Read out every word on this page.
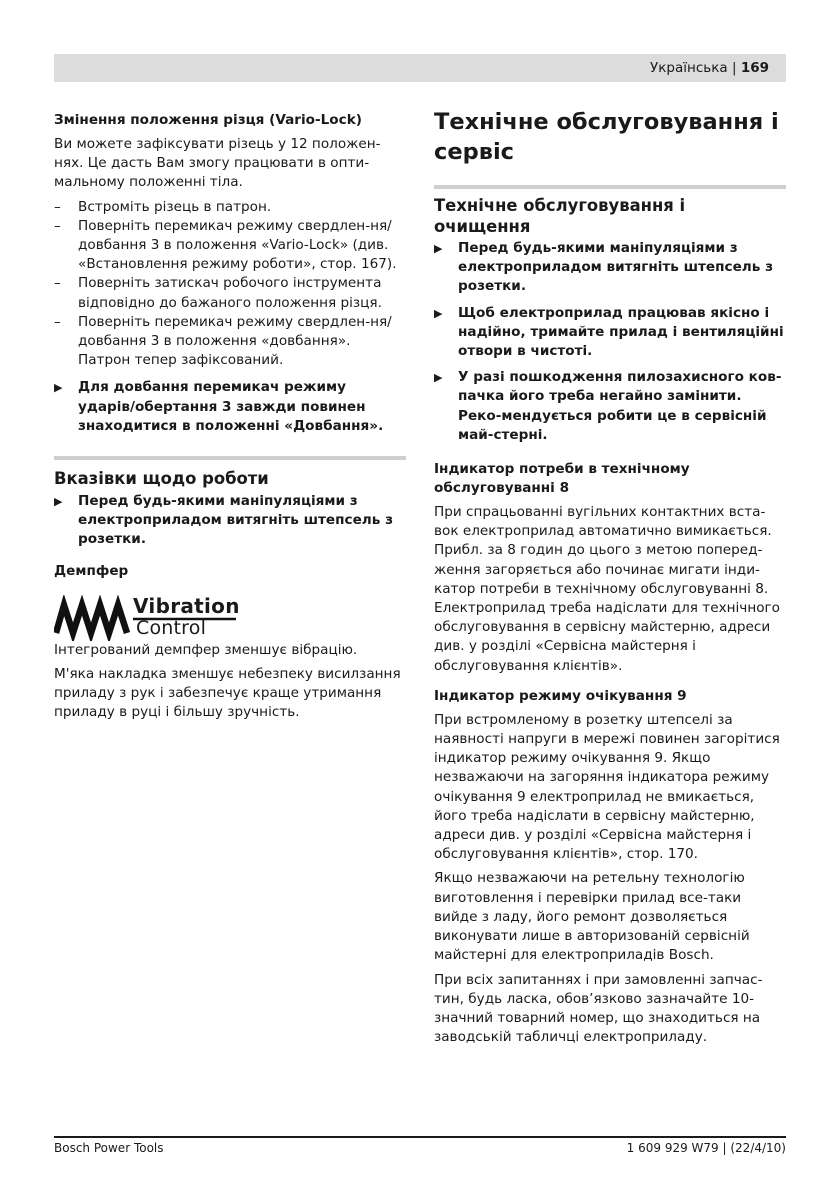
Українська | 169
Змінення положення різця (Vario-Lock)

Ви можете зафіксувати різець у 12 положен-нях. Це дасть Вам змогу працювати в опти-мальному положенні тіла.

– Встроміть різець в патрон.
– Поверніть перемикач режиму свердлен-ня/довбання 3 в положення «Vario-Lock» (див. «Встановлення режиму роботи», стор. 167).
– Поверніть затискач робочого інструмента відповідно до бажаного положення різця.
– Поверніть перемикач режиму свердлен-ня/довбання 3 в положення «довбання». Патрон тепер зафіксований.
▶ Для довбання перемикач режиму ударів/обертання 3 завжди повинен знаходитися в положенні «Довбання».
Вказівки щодо роботи
▶ Перед будь-якими маніпуляціями з електроприладом витягніть штепсель з розетки.
Демпфер
Vibration
Control

Інтегрований демпфер зменшує вібрацію.

М'яка накладка зменшує небезпеку висилзання приладу з рук і забезпечує краще утримання приладу в руці і більшу зручність.

Технічне обслуговування і сервіс
Технічне обслуговування і очищення
▶ Перед будь-якими маніпуляціями з електроприладом витягніть штепсель з розетки.
▶ Щоб електроприлад працював якісно і надійно, тримайте прилад і вентиляційні отвори в чистоті.
▶ У разі пошкодження пилозахисного ков-пачка його треба негайно замінити. Реко-мендується робити це в сервісній май-стерні.
Індикатор потреби в технічному обслуговуванні 8

При спрацьованні вугільних контактних вста-вок електроприлад автоматично вимикається. Прибл. за 8 годин до цього з метою поперед-ження загоряється або починає мигати інди-катор потреби в технічному обслуговуванні 8. Електроприлад треба надіслати для технічного обслуговування в сервісну майстерню, адреси див. у розділі «Сервісна майстерня і обслуговування клієнтів».

Індикатор режиму очікування 9

При встромленому в розетку штепселі за наявності напруги в мережі повинен загорітися індикатор режиму очікування 9. Якщо незважаючи на загоряння індикатора режиму очікування 9 електроприлад не вмикається, його треба надіслати в сервісну майстерню, адреси див. у розділі «Сервісна майстерня і обслуговування клієнтів», стор. 170.

Якщо незважаючи на ретельну технологію виготовлення і перевірки прилад все-таки вийде з ладу, його ремонт дозволяється виконувати лише в авторизованій сервісній майстерні для електроприладів Bosch.

При всіх запитаннях і при замовленні запчас-тин, будь ласка, обов’язково зазначайте 10-значний товарний номер, що знаходиться на заводській табличці електроприладу.

Bosch Power Tools	1 609 929 W79 | (22/4/10)
